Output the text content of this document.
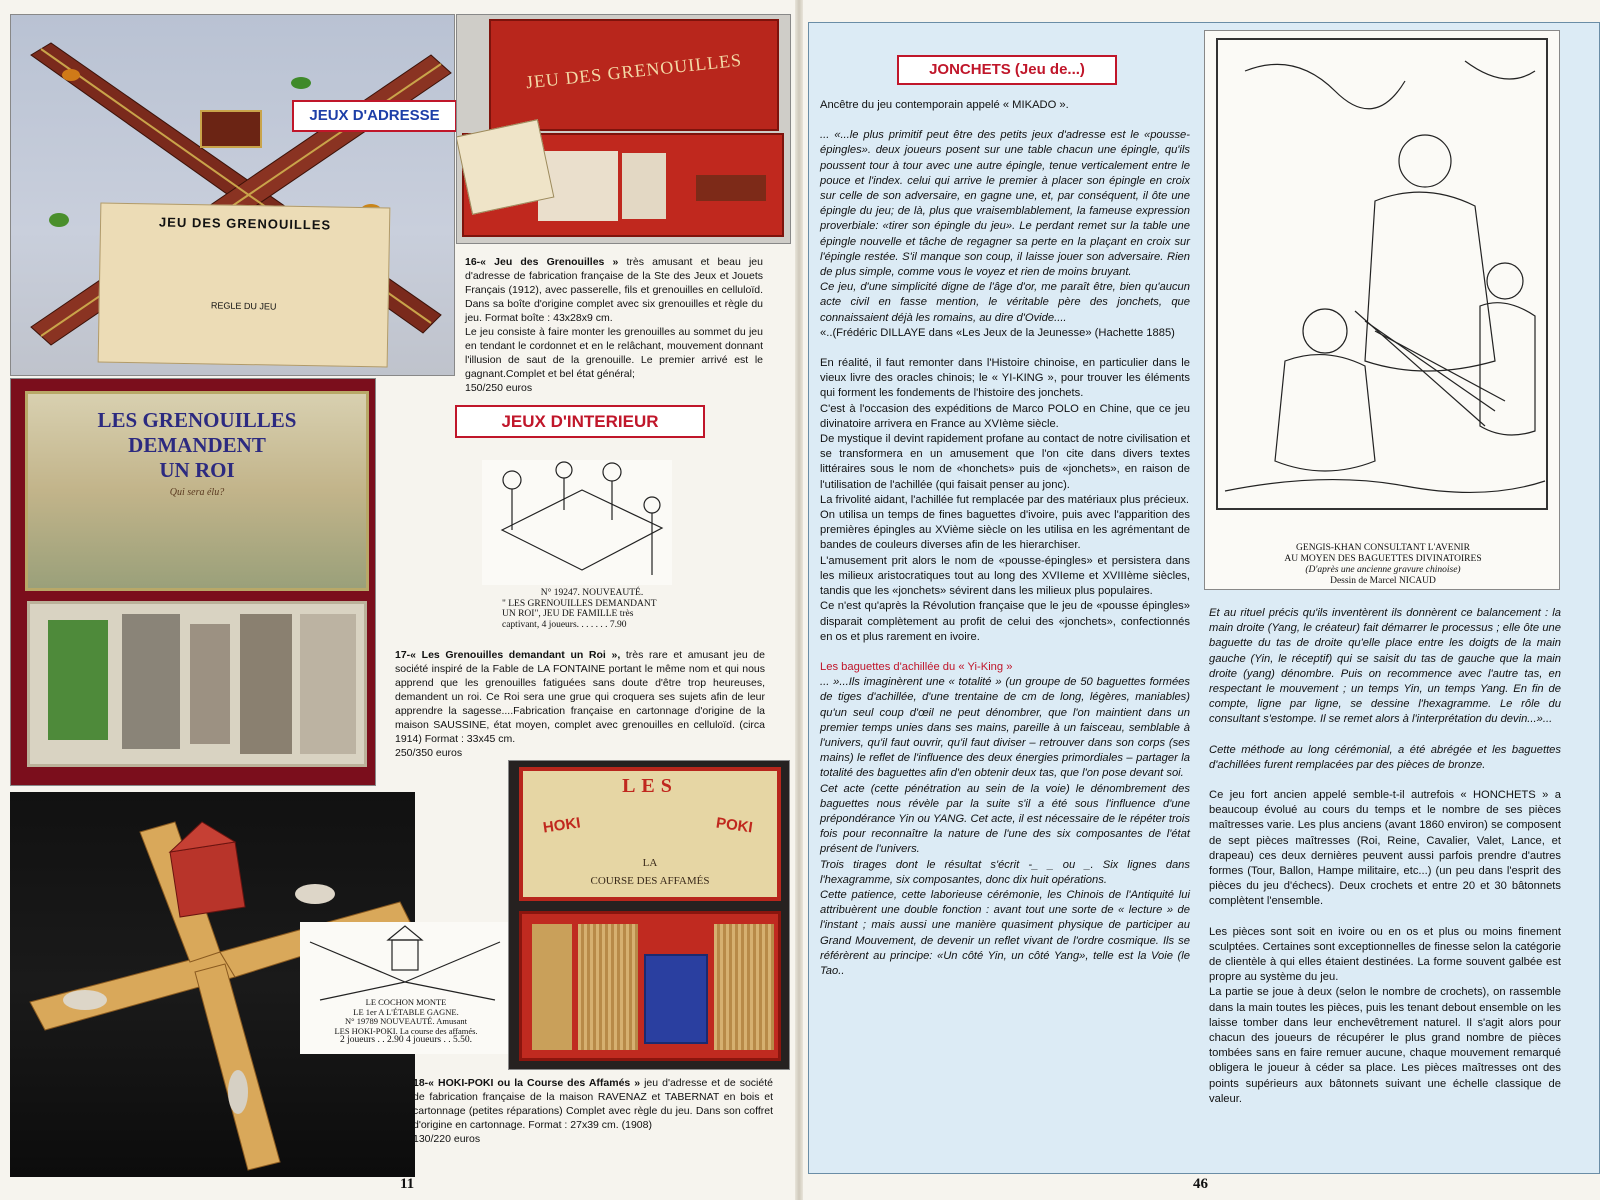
JEU DES GRENOUILLES
REGLE DU JEU
JEUX D'ADRESSE
JEU DES GRENOUILLES
16-« Jeu des Grenouilles » très amusant et beau jeu d'adresse de fabrication française de la Ste des Jeux et Jouets Français (1912), avec passerelle, fils et grenouilles en celluloïd. Dans sa boîte d'origine complet avec six grenouilles et règle du jeu. Format boîte : 43x28x9 cm.
Le jeu consiste à faire monter les grenouilles au sommet du jeu en tendant le cordonnet et en le relâchant, mouvement donnant l'illusion de saut de la grenouille. Le premier arrivé est le gagnant.Complet et bel état général;
150/250 euros
JEUX D'INTERIEUR
N° 19247. NOUVEAUTÉ.
" LES GRENOUILLES DEMANDANT
UN ROI", JEU DE FAMILLE très
captivant, 4 joueurs. . . . . . . 7.90
LES GRENOUILLES DEMANDENT
UN ROI
Qui sera élu?
17-« Les Grenouilles demandant un Roi », très rare et amusant jeu de société inspiré de la Fable de LA FONTAINE portant le même nom et qui nous apprend que les grenouilles fatiguées sans doute d'être trop heureuses, demandent un roi. Ce Roi sera une grue qui croquera ses sujets afin de leur apprendre la sagesse....Fabrication française en cartonnage d'origine de la maison SAUSSINE, état moyen, complet avec grenouilles en celluloïd. (circa 1914) Format : 33x45 cm.
250/350 euros
LE COCHON MONTE
LE 1er A L'ÉTABLE GAGNE.
N° 19789 NOUVEAUTÉ. Amusant
LES HOKI-POKI. La course des affamés.
2 joueurs . . 2.90 4 joueurs . . 5.50.
LES
HOKI	POKI
LA
COURSE DES AFFAMÉS
18-« HOKI-POKI ou la Course des Affamés » jeu d'adresse et de société de fabrication française de la maison RAVENAZ et TABERNAT en bois et cartonnage (petites réparations) Complet avec règle du jeu. Dans son coffret d'origine en cartonnage. Format : 27x39 cm. (1908)
130/220 euros
11
JONCHETS (Jeu de...)

Ancêtre du jeu contemporain appelé « MIKADO ».

... «...le plus primitif peut être des petits jeux d'adresse est le «pousse-épingles». deux joueurs posent sur une table chacun une épingle, qu'ils poussent tour à tour avec une autre épingle, tenue verticalement entre le pouce et l'index. celui qui arrive le premier à placer son épingle en croix sur celle de son adversaire, en gagne une, et, par conséquent, il ôte une épingle du jeu; de là, plus que vraisemblablement, la fameuse expression proverbiale: «tirer son épingle du jeu». Le perdant remet sur la table une épingle nouvelle et tâche de regagner sa perte en la plaçant en croix sur l'épingle restée. S'il manque son coup, il laisse jouer son adversaire. Rien de plus simple, comme vous le voyez et rien de moins bruyant.

Ce jeu, d'une simplicité digne de l'âge d'or, me paraît être, bien qu'aucun acte civil en fasse mention, le véritable père des jonchets, que connaissaient déjà les romains, au dire d'Ovide....

«..(Frédéric DILLAYE dans «Les Jeux de la Jeunesse» (Hachette 1885)

En réalité, il faut remonter dans l'Histoire chinoise, en particulier dans le vieux livre des oracles chinois; le « YI-KING », pour trouver les éléments qui forment les fondements de l'histoire des jonchets.

C'est à l'occasion des expéditions de Marco POLO en Chine, que ce jeu divinatoire arrivera en France au XVIème siècle.

De mystique il devint rapidement profane au contact de notre civilisation et se transformera en un amusement que l'on cite dans divers textes littéraires sous le nom de «honchets» puis de «jonchets», en raison de l'utilisation de l'achillée (qui faisait penser au jonc).

La frivolité aidant, l'achillée fut remplacée par des matériaux plus précieux.

On utilisa un temps de fines baguettes d'ivoire, puis avec l'apparition des premières épingles au XVième siècle on les utilisa en les agrémentant de bandes de couleurs diverses afin de les hierarchiser.

L'amusement prit alors le nom de «pousse-épingles» et persistera dans les milieux aristocratiques tout au long des XVIIeme et XVIIIème siècles, tandis que les «jonchets» sévirent dans les milieux plus populaires.

Ce n'est qu'après la Révolution française que le jeu de «pousse épingles» disparait complètement au profit de celui des «jonchets», confectionnés en os et plus rarement en ivoire.

Les baguettes d'achillée du « Yi-King »

... »...Ils imaginèrent une « totalité » (un groupe de 50 baguettes formées de tiges d'achillée, d'une trentaine de cm de long, légères, maniables) qu'un seul coup d'œil ne peut dénombrer, que l'on maintient dans un premier temps unies dans ses mains, pareille à un faisceau, semblable à l'univers, qu'il faut ouvrir, qu'il faut diviser – retrouver dans son corps (ses mains) le reflet de l'influence des deux énergies primordiales – partager la totalité des baguettes afin d'en obtenir deux tas, que l'on pose devant soi.

Cet acte (cette pénétration au sein de la voie) le dénombrement des baguettes nous révèle par la suite s'il a été sous l'influence d'une prépondérance Yin ou YANG. Cet acte, il est nécessaire de le répéter trois fois pour reconnaître la nature de l'une des six composantes de l'état présent de l'univers.

Trois tirages dont le résultat s'écrit -_ _ ou _. Six lignes dans l'hexagramme, six composantes, donc dix huit opérations.

Cette patience, cette laborieuse cérémonie, les Chinois de l'Antiquité lui attribuèrent une double fonction : avant tout une sorte de « lecture » de l'instant ; mais aussi une manière quasiment physique de participer au Grand Mouvement, de devenir un reflet vivant de l'ordre cosmique. Ils se référèrent au principe: «Un côté Yin, un côté Yang», telle est la Voie (le Tao..

GENGIS-KHAN CONSULTANT L'AVENIR
AU MOYEN DES BAGUETTES DIVINATOIRES
(D'après une ancienne gravure chinoise)
Dessin de Marcel NICAUD

Et au rituel précis qu'ils inventèrent ils donnèrent ce balancement : la main droite (Yang, le créateur) fait démarrer le processus ; elle ôte une baguette du tas de droite qu'elle place entre les doigts de la main gauche (Yin, le réceptif) qui se saisit du tas de gauche que la main droite (yang) dénombre. Puis on recommence avec l'autre tas, en respectant le mouvement ; un temps Yin, un temps Yang. En fin de compte, ligne par ligne, se dessine l'hexagramme. Le rôle du consultant s'estompe. Il se remet alors à l'interprétation du devin...»...

Cette méthode au long cérémonial, a été abrégée et les baguettes d'achillées furent remplacées par des pièces de bronze.

Ce jeu fort ancien appelé semble-t-il autrefois « HONCHETS » a beaucoup évolué au cours du temps et le nombre de ses pièces maîtresses varie. Les plus anciens (avant 1860 environ) se composent de sept pièces maîtresses (Roi, Reine, Cavalier, Valet, Lance, et drapeau) ces deux dernières peuvent aussi parfois prendre d'autres formes (Tour, Ballon, Hampe militaire, etc...) (un peu dans l'esprit des pièces du jeu d'échecs). Deux crochets et entre 20 et 30 bâtonnets complètent l'ensemble.

Les pièces sont soit en ivoire ou en os et plus ou moins finement sculptées. Certaines sont exceptionnelles de finesse selon la catégorie de clientèle à qui elles étaient destinées. La forme souvent galbée est propre au système du jeu.

La partie se joue à deux (selon le nombre de crochets), on rassemble dans la main toutes les pièces, puis les tenant debout ensemble on les laisse tomber dans leur enchevêtrement naturel. Il s'agit alors pour chacun des joueurs de récupérer le plus grand nombre de pièces tombées sans en faire remuer aucune, chaque mouvement remarqué obligera le joueur à céder sa place. Les pièces maîtresses ont des points supérieurs aux bâtonnets suivant une échelle classique de valeur.

46
